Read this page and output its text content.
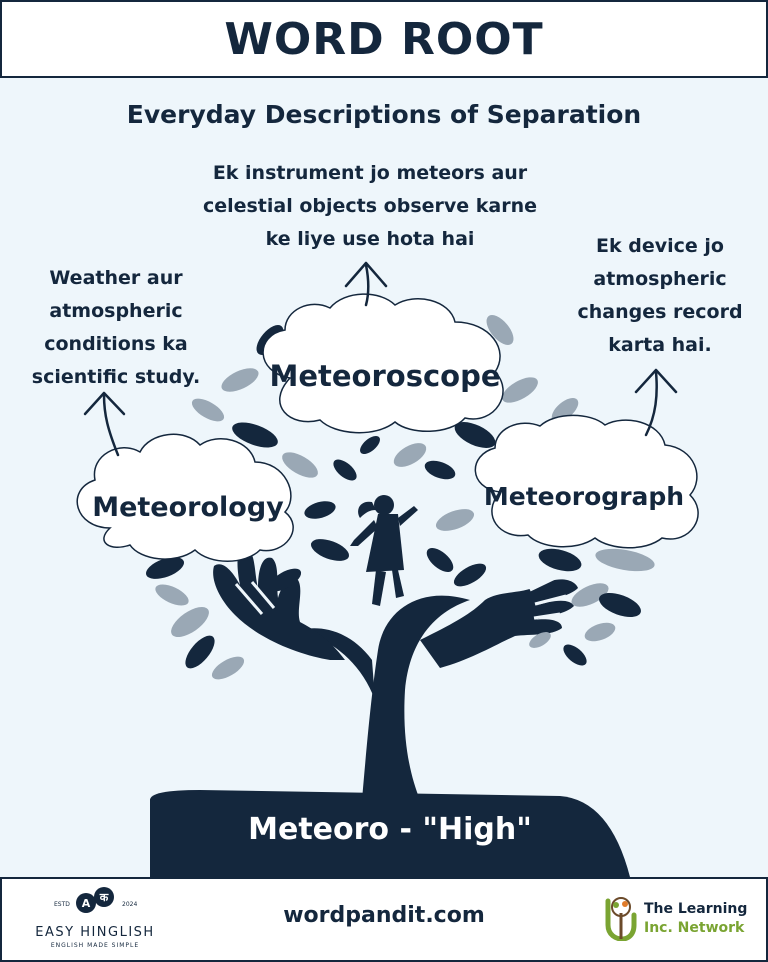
WORD ROOT
Everyday Descriptions of Separation
Weather aur atmospheric conditions ka scientific study.
Ek instrument jo meteors aur celestial objects observe karne ke liye use hota hai	Ek device jo atmospheric changes record karta hai.
Meteorology
Meteoroscope
Meteorograph
Meteoro - "High"
ESTD	A क
2024
EASY HINGLISH
ENGLISH MADE SIMPLE
wordpandit.com	The Learning
Inc. Network
